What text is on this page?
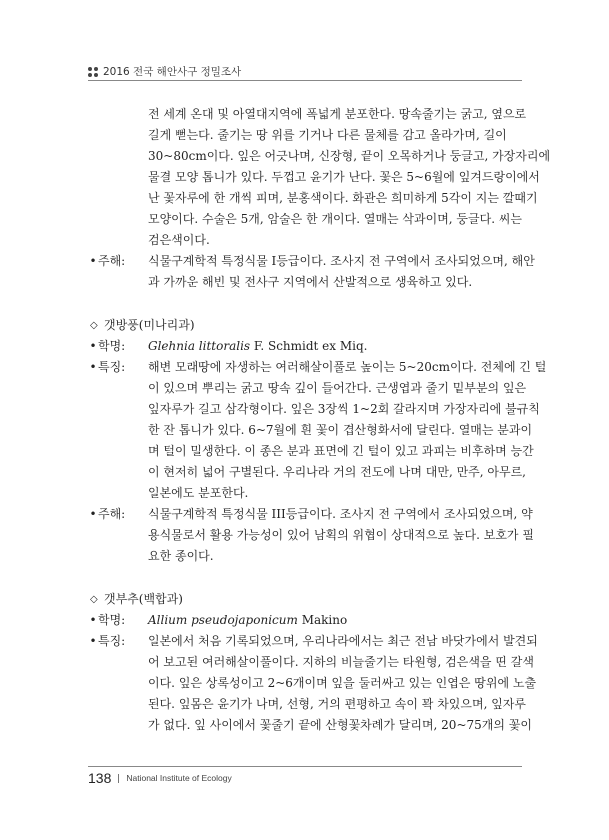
2016 전국 해안사구 정밀조사
전 세계 온대 및 아열대지역에 폭넓게 분포한다. 땅속줄기는 굵고, 옆으로
길게 뻗는다. 줄기는 땅 위를 기거나 다른 물체를 감고 올라가며, 길이
30~80cm이다. 잎은 어긋나며, 신장형, 끝이 오목하거나 둥글고, 가장자리에
물결 모양 톱니가 있다. 두껍고 윤기가 난다. 꽃은 5~6월에 잎겨드랑이에서
난 꽃자루에 한 개씩 피며, 분홍색이다. 화관은 희미하게 5각이 지는 깔때기
모양이다. 수술은 5개, 암술은 한 개이다. 열매는 삭과이며, 둥글다. 씨는
검은색이다.
• 주해:	식물구계학적 특정식물 I등급이다. 조사지 전 구역에서 조사되었으며, 해안
과 가까운 해빈 및 전사구 지역에서 산발적으로 생육하고 있다.
◇ 갯방풍(미나리과)
• 학명:	Glehnia littoralis F. Schmidt ex Miq.
• 특징:	해변 모래땅에 자생하는 여러해살이풀로 높이는 5~20cm이다. 전체에 긴 털
이 있으며 뿌리는 굵고 땅속 깊이 들어간다. 근생엽과 줄기 밑부분의 잎은
잎자루가 길고 삼각형이다. 잎은 3장씩 1~2회 갈라지며 가장자리에 불규칙
한 잔 톱니가 있다. 6~7월에 흰 꽃이 겹산형화서에 달린다. 열매는 분과이
며 털이 밀생한다. 이 종은 분과 표면에 긴 털이 있고 과피는 비후하며 능간
이 현저히 넓어 구별된다. 우리나라 거의 전도에 나며 대만, 만주, 아무르,
일본에도 분포한다.
• 주해:	식물구계학적 특정식물 III등급이다. 조사지 전 구역에서 조사되었으며, 약
용식물로서 활용 가능성이 있어 남획의 위협이 상대적으로 높다. 보호가 필
요한 종이다.
◇ 갯부추(백합과)
• 학명:	Allium pseudojaponicum Makino
• 특징:	일본에서 처음 기록되었으며, 우리나라에서는 최근 전남 바닷가에서 발견되
어 보고된 여러해살이풀이다. 지하의 비늘줄기는 타원형, 검은색을 띤 갈색
이다. 잎은 상록성이고 2~6개이며 잎을 둘러싸고 있는 인엽은 땅위에 노출
된다. 잎몸은 윤기가 나며, 선형, 거의 편평하고 속이 꽉 차있으며, 잎자루
가 없다. 잎 사이에서 꽃줄기 끝에 산형꽃차례가 달리며, 20~75개의 꽃이
138 National Institute of Ecology
